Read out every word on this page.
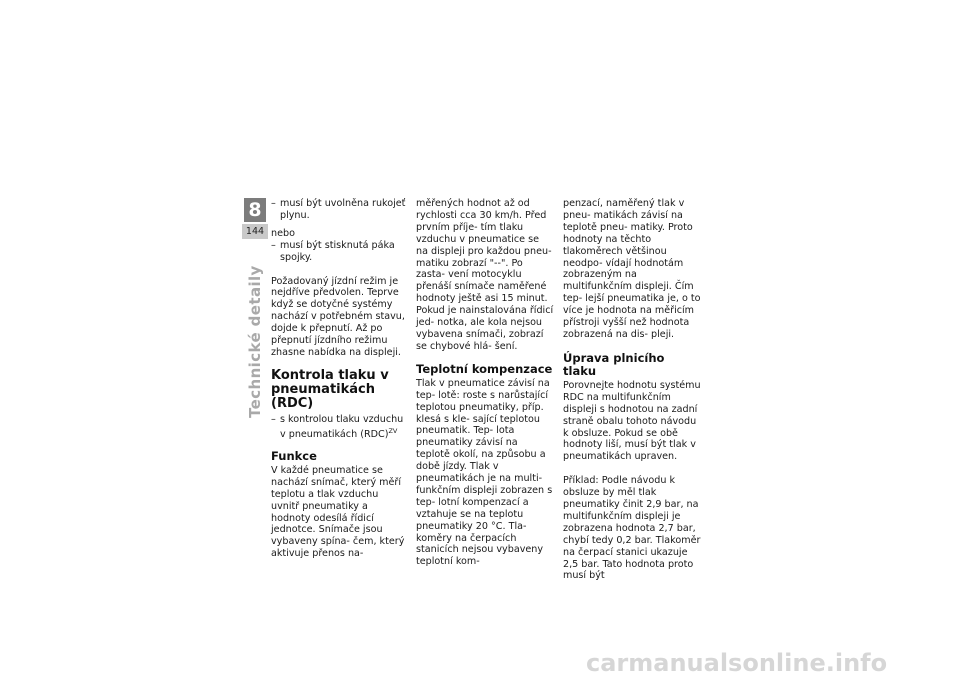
8
144
Technické detaily

– musí být uvolněna rukojeť plynu.

nebo

– musí být stisknutá páka spojky.

Požadovaný jízdní režim je nejdříve předvolen. Teprve když se dotyčné systémy nachází v potřebném stavu, dojde k přepnutí. Až po přepnutí jízdního režimu zhasne nabídka na displeji.

Kontrola tlaku v pneumatikách (RDC)

– s kontrolou tlaku vzduchu v pneumatikách (RDC)$^{ZV}$

Funkce

V každé pneumatice se nachází snímač, který měří teplotu a tlak vzduchu uvnitř pneumatiky a hodnoty odesílá řídicí jednotce. Snímače jsou vybaveny spína- čem, který aktivuje přenos na-

měřených hodnot až od rychlosti cca 30 km/h. Před prvním příje- tím tlaku vzduchu v pneumatice se na displeji pro každou pneu- matiku zobrazí "--". Po zasta- vení motocyklu přenáší snímače naměřené hodnoty ještě asi 15 minut.

Pokud je nainstalována řídicí jed- notka, ale kola nejsou vybavena snímači, zobrazí se chybové hlá- šení.

Teplotní kompenzace

Tlak v pneumatice závisí na tep- lotě: roste s narůstající teplotou pneumatiky, příp. klesá s kle- sající teplotou pneumatik. Tep- lota pneumatiky závisí na teplotě okolí, na způsobu a době jízdy. Tlak v pneumatikách je na multi- funkčním displeji zobrazen s tep- lotní kompenzací a vztahuje se na teplotu pneumatiky 20 °C. Tla- koměry na čerpacích stanicích nejsou vybaveny teplotní kom-

penzací, naměřený tlak v pneu- matikách závisí na teplotě pneu- matiky. Proto hodnoty na těchto tlakoměrech většinou neodpo- vídají hodnotám zobrazeným na multifunkčním displeji. Čím tep- lejší pneumatika je, o to více je hodnota na měřicím přístroji vyšší než hodnota zobrazená na dis- pleji.

Úprava plnicího tlaku

Porovnejte hodnotu systému RDC na multifunkčním displeji s hodnotou na zadní straně obalu tohoto návodu k obsluze. Pokud se obě hodnoty liší, musí být tlak v pneumatikách upraven.

Příklad: Podle návodu k obsluze by měl tlak pneumatiky činit 2,9 bar, na multifunkčním displeji je zobrazena hodnota 2,7 bar, chybí tedy 0,2 bar. Tlakoměr na čerpací stanici ukazuje 2,5 bar. Tato hodnota proto musí být

carmanualsonline.info
